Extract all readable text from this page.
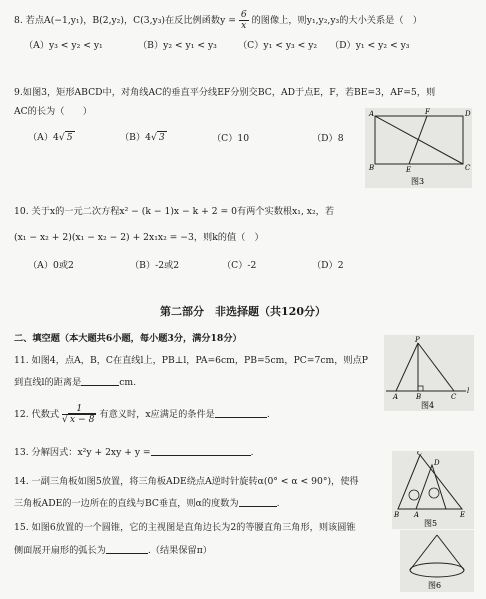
8. 若点A(−1,y₁)，B(2,y₂)，C(3,y₃)在反比例函数$y = \frac{6}{x}$ 的图像上，则y₁,y₂,y₃的大小关系是（　）
（A）y₃ < y₂ < y₁	（B）y₂ < y₁ < y₃ （C）y₁ < y₃ < y₂ （D）y₁ < y₂ < y₃
9.如图3，矩形ABCD中，对角线AC的垂直平分线EF分别交BC，AD于点E，F，若BE=3，AF=5，则
AC的长为（　　）
（A）4√ 5	（B）4√ 3	（C）10	（D）8
A	F	D
B	E	C
图3
10. 关于x的一元二次方程x² − (k − 1)x − k + 2 = 0有两个实数根x₁, x₂，若
(x₁ − x₂ + 2)(x₁ − x₂ − 2) + 2x₁x₂ = −3，则k的值（　）
（A）0或2	（B）-2或2	（C）-2	（D）2
第二部分　非选择题（共120分）
二、填空题（本大题共6小题，每小题3分，满分18分）
11. 如图4，点A，B，C在直线l上，PB⊥l，PA=6cm，PB=5cm，PC=7cm，则点P
到直线l的距离是	cm.
P
A	B	C
l
图4
12. 代数式 $\frac{1}{√ x - 8}$ 有意义时，x应满足的条件是	.
13. 分解因式：x²y + 2xy + y =	.
14. 一副三角板如图5放置，将三角板ADE绕点A逆时针旋转α(0° < α < 90°)，使得
三角板ADE的一边所在的直线与BC垂直，则α的度数为	.
C
D
B A	E
图5
15. 如图6放置的一个圆锥，它的主视图是直角边长为2的等腰直角三角形，则该圆锥
侧面展开扇形的弧长为	.（结果保留π）
图6
